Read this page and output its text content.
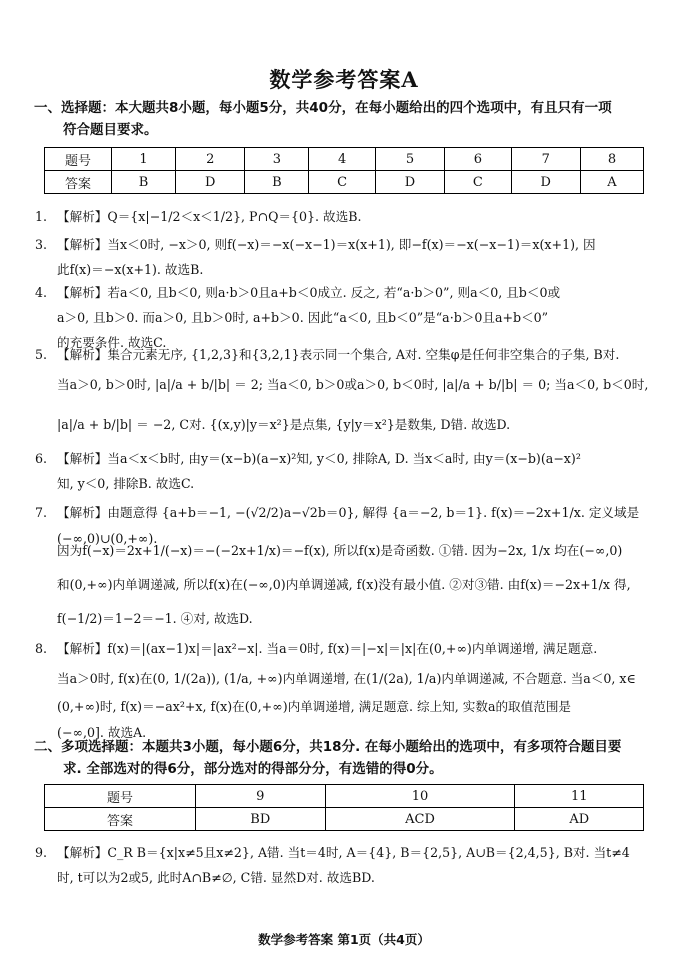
数学参考答案A
一、选择题：本大题共8小题，每小题5分，共40分，在每小题给出的四个选项中，有且只有一项
符合题目要求。
题号	1	2	3	4	5	6	7	8
答案	B	D	B	C	D	C	D	A
1. 【解析】Q＝{x|−1/2＜x＜1/2}, P∩Q＝{0}. 故选B.
3. 【解析】当x＜0时, −x＞0, 则f(−x)＝−x(−x−1)＝x(x+1), 即−f(x)＝−x(−x−1)＝x(x+1), 因
此f(x)＝−x(x+1). 故选B.
4. 【解析】若a＜0, 且b＜0, 则a·b＞0且a+b＜0成立. 反之, 若“a·b＞0”, 则a＜0, 且b＜0或
a＞0, 且b＞0. 而a＞0, 且b＞0时, a+b＞0. 因此“a＜0, 且b＜0”是“a·b＞0且a+b＜0”
的充要条件. 故选C.
5. 【解析】集合元素无序, {1,2,3}和{3,2,1}表示同一个集合, A对. 空集φ是任何非空集合的子集, B对.
当a＞0, b＞0时, |a|/a + b/|b| ＝ 2; 当a＜0, b＞0或a＞0, b＜0时, |a|/a + b/|b| ＝ 0; 当a＜0, b＜0时,
|a|/a + b/|b| ＝ −2, C对. {(x,y)|y＝x²}是点集, {y|y＝x²}是数集, D错. 故选D.
6. 【解析】当a＜x＜b时, 由y＝(x−b)(a−x)²知, y＜0, 排除A, D. 当x＜a时, 由y＝(x−b)(a−x)²
知, y＜0, 排除B. 故选C.
7. 【解析】由题意得 {a+b＝−1, −(√2/2)a−√2b＝0}, 解得 {a＝−2, b＝1}. f(x)＝−2x+1/x. 定义域是(−∞,0)∪(0,+∞).
因为f(−x)＝2x+1/(−x)＝−(−2x+1/x)＝−f(x), 所以f(x)是奇函数. ①错. 因为−2x, 1/x 均在(−∞,0)
和(0,+∞)内单调递减, 所以f(x)在(−∞,0)内单调递减, f(x)没有最小值. ②对③错. 由f(x)＝−2x+1/x 得,
f(−1/2)＝1−2＝−1. ④对, 故选D.
8. 【解析】f(x)＝|(ax−1)x|＝|ax²−x|. 当a＝0时, f(x)＝|−x|＝|x|在(0,+∞)内单调递增, 满足题意.
当a＞0时, f(x)在(0, 1/(2a)), (1/a, +∞)内单调递增, 在(1/(2a), 1/a)内单调递减, 不合题意. 当a＜0, x∈
(0,+∞)时, f(x)＝−ax²+x, f(x)在(0,+∞)内单调递增, 满足题意. 综上知, 实数a的取值范围是
(−∞,0]. 故选A.
二、多项选择题：本题共3小题，每小题6分，共18分. 在每小题给出的选项中，有多项符合题目要
求. 全部选对的得6分，部分选对的得部分分，有选错的得0分。
题号	9	10	11
答案	BD	ACD	AD
9. 【解析】C_R B＝{x|x≠5且x≠2}, A错. 当t＝4时, A＝{4}, B＝{2,5}, A∪B＝{2,4,5}, B对. 当t≠4
时, t可以为2或5, 此时A∩B≠∅, C错. 显然D对. 故选BD.
数学参考答案 第1页（共4页）
